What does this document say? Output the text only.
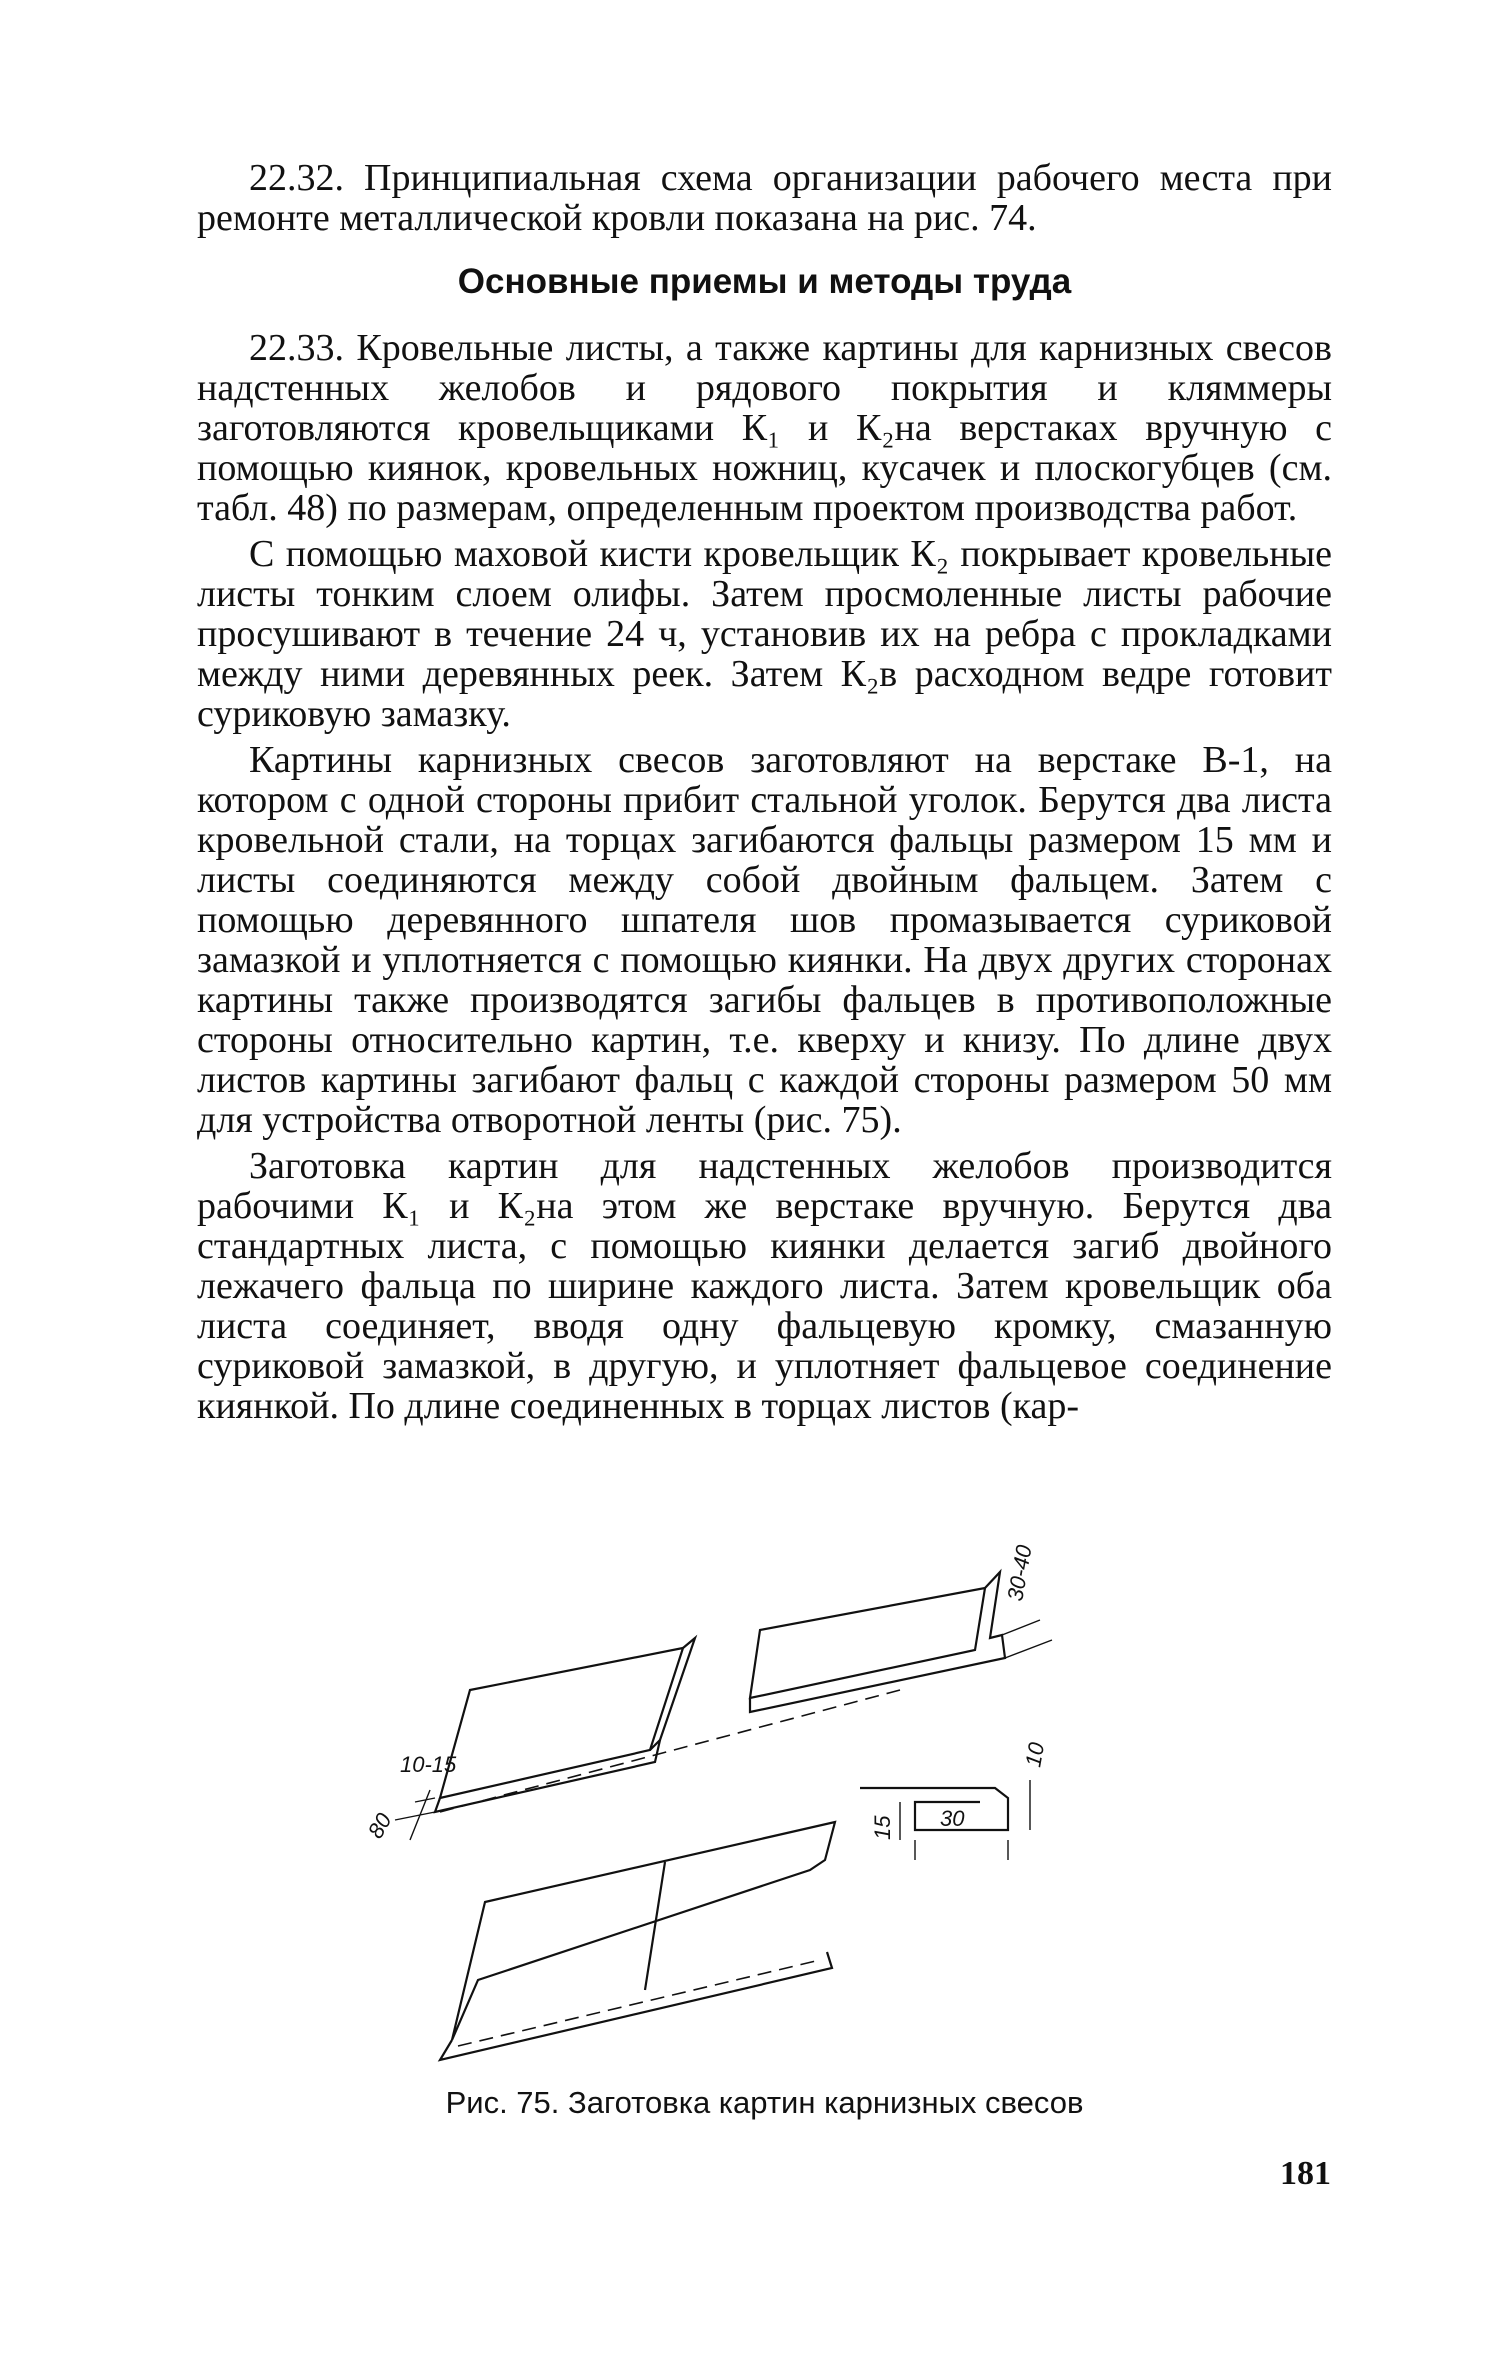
22.32. Принципиальная схема организации рабочего места при ремонте металлической кровли показана на рис. 74.

Основные приемы и методы труда

22.33. Кровельные листы, а также картины для карнизных свесов надстенных желобов и рядового покрытия и кляммеры заготовляются кровельщиками К₁ и К₂на верстаках вручную с помощью киянок, кровельных ножниц, кусачек и плоскогубцев (см. табл. 48) по размерам, определенным проектом производства работ.

С помощью маховой кисти кровельщик К₂ покрывает кровельные листы тонким слоем олифы. Затем просмоленные листы рабочие просушивают в течение 24 ч, установив их на ребра с прокладками между ними деревянных реек. Затем К₂в расходном ведре готовит суриковую замазку.

Картины карнизных свесов заготовляют на верстаке В-1, на котором с одной стороны прибит стальной уголок. Берутся два листа кровельной стали, на торцах загибаются фальцы размером 15 мм и листы соединяются между собой двойным фальцем. Затем с помощью деревянного шпателя шов промазывается суриковой замазкой и уплотняется с помощью киянки. На двух других сторонах картины также производятся загибы фальцев в противоположные стороны относительно картин, т.е. кверху и книзу. По длине двух листов картины загибают фальц с каждой стороны размером 50 мм для устройства отворотной ленты (рис. 75).

Заготовка картин для надстенных желобов производится рабочими К₁ и К₂на этом же верстаке вручную. Берутся два стандартных листа, с помощью киянки делается загиб двойного лежачего фальца по ширине каждого листа. Затем кровельщик оба листа соединяет, вводя одну фальцевую кромку, смазанную суриковой замазкой, в другую, и уплотняет фальцевое соединение киянкой. По длине соединенных в торцах листов (кар-

30-40
10-15
80
10
15 30

Рис. 75. Заготовка картин карнизных свесов

181
